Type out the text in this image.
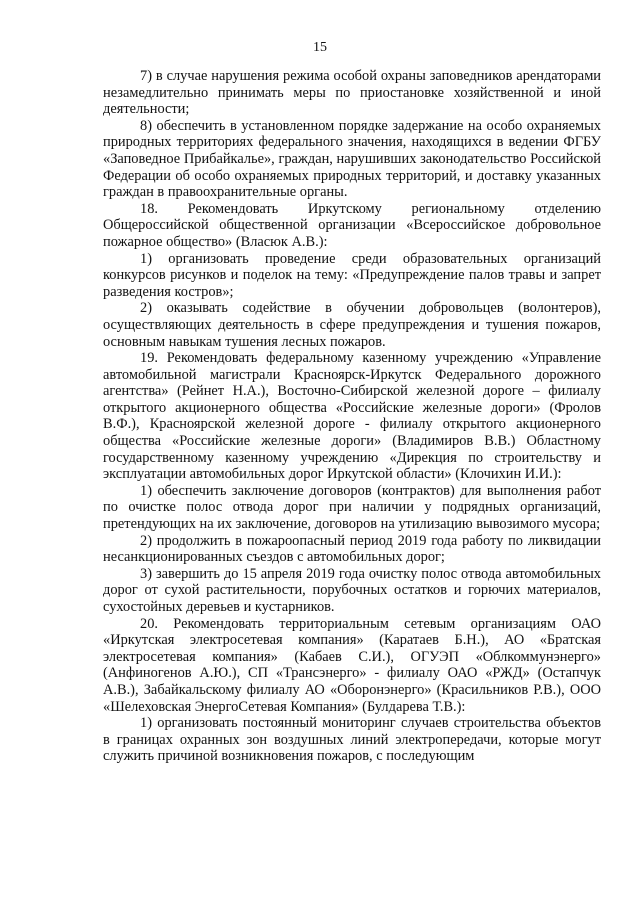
15

7) в случае нарушения режима особой охраны заповедников арендаторами незамедлительно принимать меры по приостановке хозяйственной и иной деятельности;

8) обеспечить в установленном порядке задержание на особо охраняемых природных территориях федерального значения, находящихся в ведении ФГБУ «Заповедное Прибайкалье», граждан, нарушивших законодательство Российской Федерации об особо охраняемых природных территорий, и доставку указанных граждан в правоохранительные органы.

18. Рекомендовать Иркутскому региональному отделению Общероссийской общественной организации «Всероссийское добровольное пожарное общество» (Власюк А.В.):

1) организовать проведение среди образовательных организаций конкурсов рисунков и поделок на тему: «Предупреждение палов травы и запрет разведения костров»;

2) оказывать содействие в обучении добровольцев (волонтеров), осуществляющих деятельность в сфере предупреждения и тушения пожаров, основным навыкам тушения лесных пожаров.

19. Рекомендовать федеральному казенному учреждению «Управление автомобильной магистрали Красноярск-Иркутск Федерального дорожного агентства» (Рейнет Н.А.), Восточно-Сибирской железной дороге – филиалу открытого акционерного общества «Российские железные дороги» (Фролов В.Ф.), Красноярской железной дороге - филиалу открытого акционерного общества «Российские железные дороги» (Владимиров В.В.) Областному государственному казенному учреждению «Дирекция по строительству и эксплуатации автомобильных дорог Иркутской области» (Клочихин И.И.):

1) обеспечить заключение договоров (контрактов) для выполнения работ по очистке полос отвода дорог при наличии у подрядных организаций, претендующих на их заключение, договоров на утилизацию вывозимого мусора;

2) продолжить в пожароопасный период 2019 года работу по ликвидации несанкционированных съездов с автомобильных дорог;

3) завершить до 15 апреля 2019 года очистку полос отвода автомобильных дорог от сухой растительности, порубочных остатков и горючих материалов, сухостойных деревьев и кустарников.

20. Рекомендовать территориальным сетевым организациям ОАО «Иркутская электросетевая компания» (Каратаев Б.Н.), АО «Братская электросетевая компания» (Кабаев С.И.), ОГУЭП «Облкоммунэнерго» (Анфиногенов А.Ю.), СП «Трансэнерго» - филиалу ОАО «РЖД» (Остапчук А.В.), Забайкальскому филиалу АО «Оборонэнерго» (Красильников Р.В.), ООО «Шелеховская ЭнергоСетевая Компания» (Булдарева Т.В.):

1) организовать постоянный мониторинг случаев строительства объектов в границах охранных зон воздушных линий электропередачи, которые могут служить причиной возникновения пожаров, с последующим
